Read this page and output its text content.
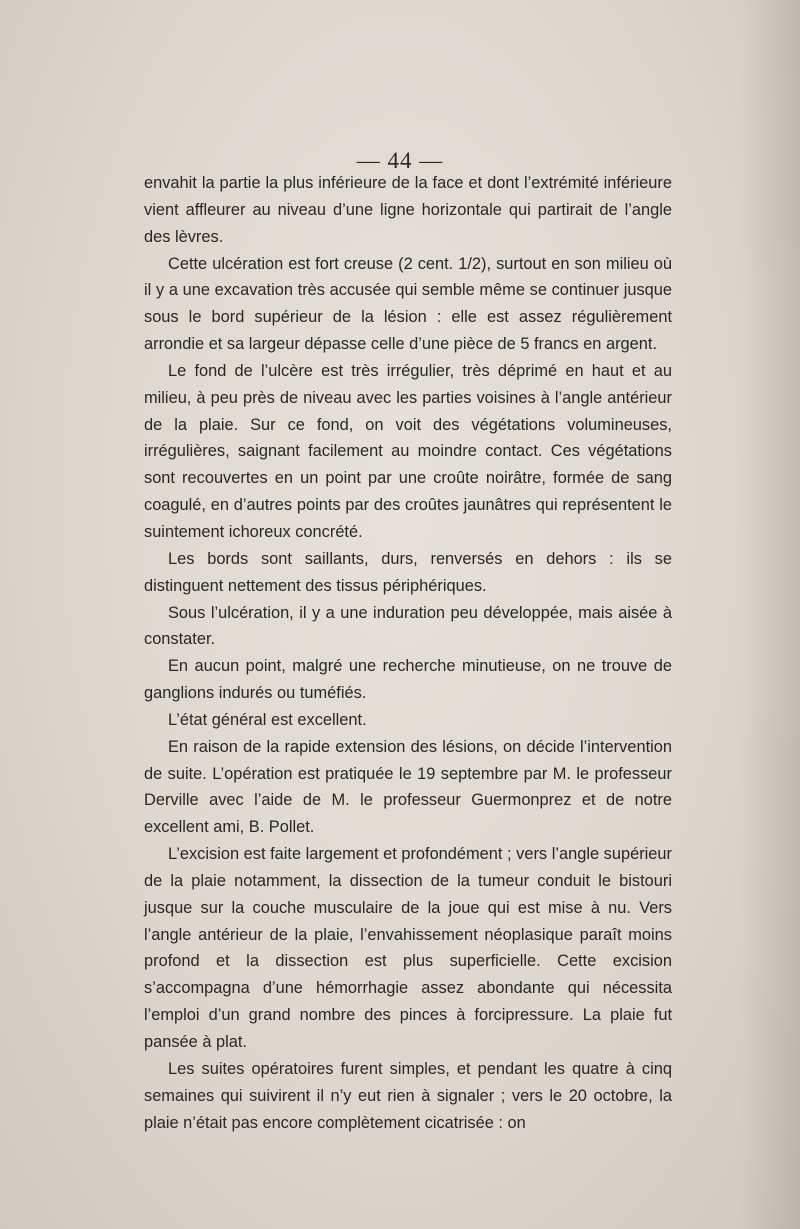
— 44 —

envahit la partie la plus inférieure de la face et dont l’extrémité inférieure vient affleurer au niveau d’une ligne horizontale qui partirait de l’angle des lèvres.

Cette ulcération est fort creuse (2 cent. 1/2), surtout en son milieu où il y a une excavation très accusée qui semble même se continuer jusque sous le bord supérieur de la lésion : elle est assez régulièrement arrondie et sa largeur dépasse celle d’une pièce de 5 francs en argent.

Le fond de l’ulcère est très irrégulier, très déprimé en haut et au milieu, à peu près de niveau avec les parties voisines à l’angle antérieur de la plaie. Sur ce fond, on voit des végétations volumineuses, irrégulières, saignant facilement au moindre contact. Ces végétations sont recouvertes en un point par une croûte noirâtre, formée de sang coagulé, en d’autres points par des croûtes jaunâtres qui représentent le suintement ichoreux concrété.

Les bords sont saillants, durs, renversés en dehors : ils se distinguent nettement des tissus périphériques.

Sous l’ulcération, il y a une induration peu développée, mais aisée à constater.

En aucun point, malgré une recherche minutieuse, on ne trouve de ganglions indurés ou tuméfiés.

L’état général est excellent.

En raison de la rapide extension des lésions, on décide l’intervention de suite. L’opération est pratiquée le 19 septembre par M. le professeur Derville avec l’aide de M. le professeur Guermonprez et de notre excellent ami, B. Pollet.

L’excision est faite largement et profondément ; vers l’angle supérieur de la plaie notamment, la dissection de la tumeur conduit le bistouri jusque sur la couche musculaire de la joue qui est mise à nu. Vers l’angle antérieur de la plaie, l’envahissement néoplasique paraît moins profond et la dissection est plus superficielle. Cette excision s’accompagna d’une hémorrhagie assez abondante qui nécessita l’emploi d’un grand nombre des pinces à forcipressure. La plaie fut pansée à plat.

Les suites opératoires furent simples, et pendant les quatre à cinq semaines qui suivirent il n’y eut rien à signaler ; vers le 20 octobre, la plaie n’était pas encore complètement cicatrisée : on
